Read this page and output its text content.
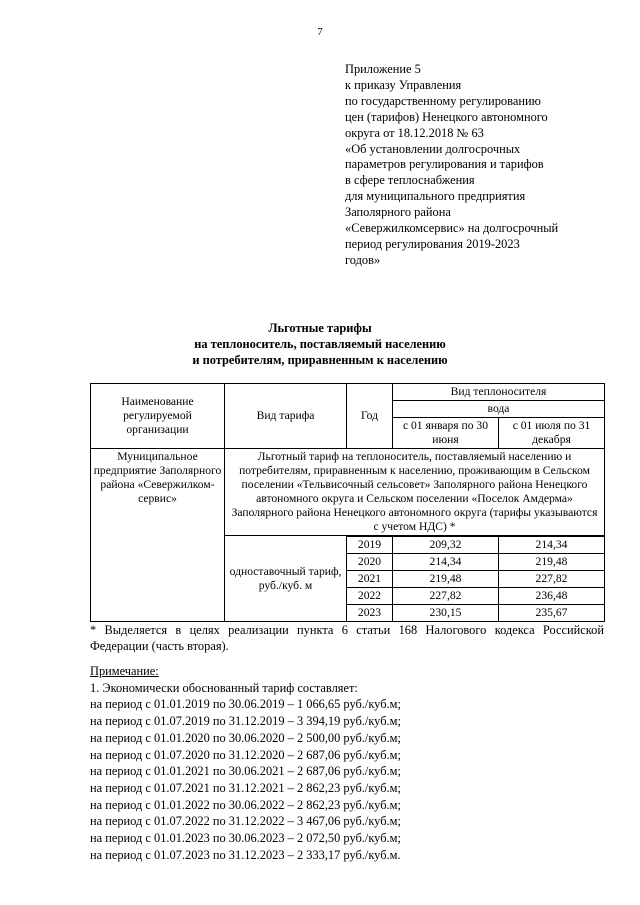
7
Приложение 5
к приказу Управления
по государственному регулированию
цен (тарифов) Ненецкого автономного
округа от 18.12.2018 № 63
«Об установлении долгосрочных
параметров регулирования и тарифов
в сфере теплоснабжения
для муниципального предприятия
Заполярного района
«Севержилкомсервис» на долгосрочный
период регулирования 2019-2023
годов»
Льготные тарифы
на теплоноситель, поставляемый населению
и потребителям, приравненным к населению
Наименование регулируемой организации	Вид тарифа	Год	Вид теплоносителя	
			вода	
			с 01 января по 30 июня	с 01 июля по 31 декабря
Муниципальное предприятие Заполярного района «Севержилком-сервис»	Льготный тариф на теплоноситель, поставляемый населению и потребителям, приравненным к населению, проживающим в Сельском поселении «Тельвисочный сельсовет» Заполярного района Ненецкого автономного округа и Сельском поселении «Поселок Амдерма» Заполярного района Ненецкого автономного округа (тарифы указываются с учетом НДС) *			
	одноставочный тариф, руб./куб. м			
		2019	209,32	214,34
		2020	214,34	219,48
		2021	219,48	227,82
		2022	227,82	236,48
		2023	230,15	235,67
* Выделяется в целях реализации пункта 6 статьи 168 Налогового кодекса Российской Федерации (часть вторая).
Примечание:
1. Экономически обоснованный тариф составляет:
на период с 01.01.2019 по 30.06.2019 – 1 066,65 руб./куб.м;
на период с 01.07.2019 по 31.12.2019 – 3 394,19 руб./куб.м;
на период с 01.01.2020 по 30.06.2020 – 2 500,00 руб./куб.м;
на период с 01.07.2020 по 31.12.2020 – 2 687,06 руб./куб.м;
на период с 01.01.2021 по 30.06.2021 – 2 687,06 руб./куб.м;
на период с 01.07.2021 по 31.12.2021 – 2 862,23 руб./куб.м;
на период с 01.01.2022 по 30.06.2022 – 2 862,23 руб./куб.м;
на период с 01.07.2022 по 31.12.2022 – 3 467,06 руб./куб.м;
на период с 01.01.2023 по 30.06.2023 – 2 072,50 руб./куб.м;
на период с 01.07.2023 по 31.12.2023 – 2 333,17 руб./куб.м.
